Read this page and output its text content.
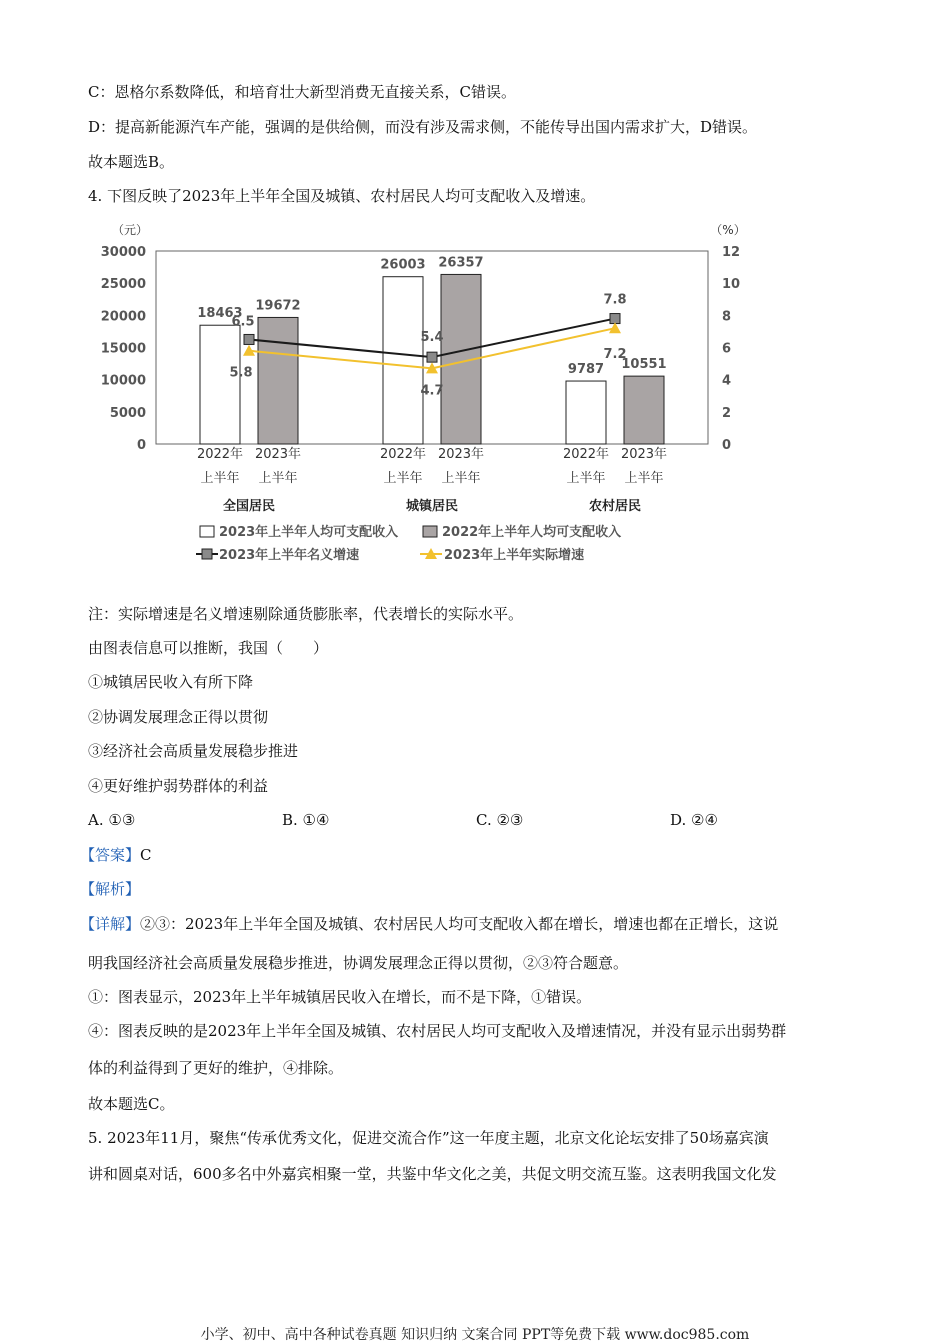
C：恩格尔系数降低，和培育壮大新型消费无直接关系，C错误。
D：提高新能源汽车产能，强调的是供给侧，而没有涉及需求侧，不能传导出国内需求扩大，D错误。
故本题选B。
4. 下图反映了2023年上半年全国及城镇、农村居民人均可支配收入及增速。
（元）	（%）
30000
25000
20000
15000
10000
5000
0
12
10
8
6
4
2
0
18463
19672
2022年
上半年
2023年
上半年
全国居民
26003 26357
2022年
上半年
2023年
上半年
城镇居民
9787 10551
2022年
上半年
2023年
上半年
农村居民
6.5
5.8
5.4
4.7
7.8
7.2
2023年上半年人均可支配收入	2022年上半年人均可支配收入
2023年上半年名义增速	2023年上半年实际增速
注：实际增速是名义增速剔除通货膨胀率，代表增长的实际水平。
由图表信息可以推断，我国（　　）
①城镇居民收入有所下降
②协调发展理念正得以贯彻
③经济社会高质量发展稳步推进
④更好维护弱势群体的利益
A. ①③	B. ①④	C. ②③	D. ②④
【答案】C
【解析】
【详解】②③：2023年上半年全国及城镇、农村居民人均可支配收入都在增长，增速也都在正增长，这说
明我国经济社会高质量发展稳步推进，协调发展理念正得以贯彻，②③符合题意。
①：图表显示，2023年上半年城镇居民收入在增长，而不是下降，①错误。
④：图表反映的是2023年上半年全国及城镇、农村居民人均可支配收入及增速情况，并没有显示出弱势群
体的利益得到了更好的维护，④排除。
故本题选C。
5. 2023年11月，聚焦“传承优秀文化，促进交流合作”这一年度主题，北京文化论坛安排了50场嘉宾演
讲和圆桌对话，600多名中外嘉宾相聚一堂，共鉴中华文化之美，共促文明交流互鉴。这表明我国文化发
小学、初中、高中各种试卷真题 知识归纳 文案合同 PPT等免费下载 www.doc985.com
